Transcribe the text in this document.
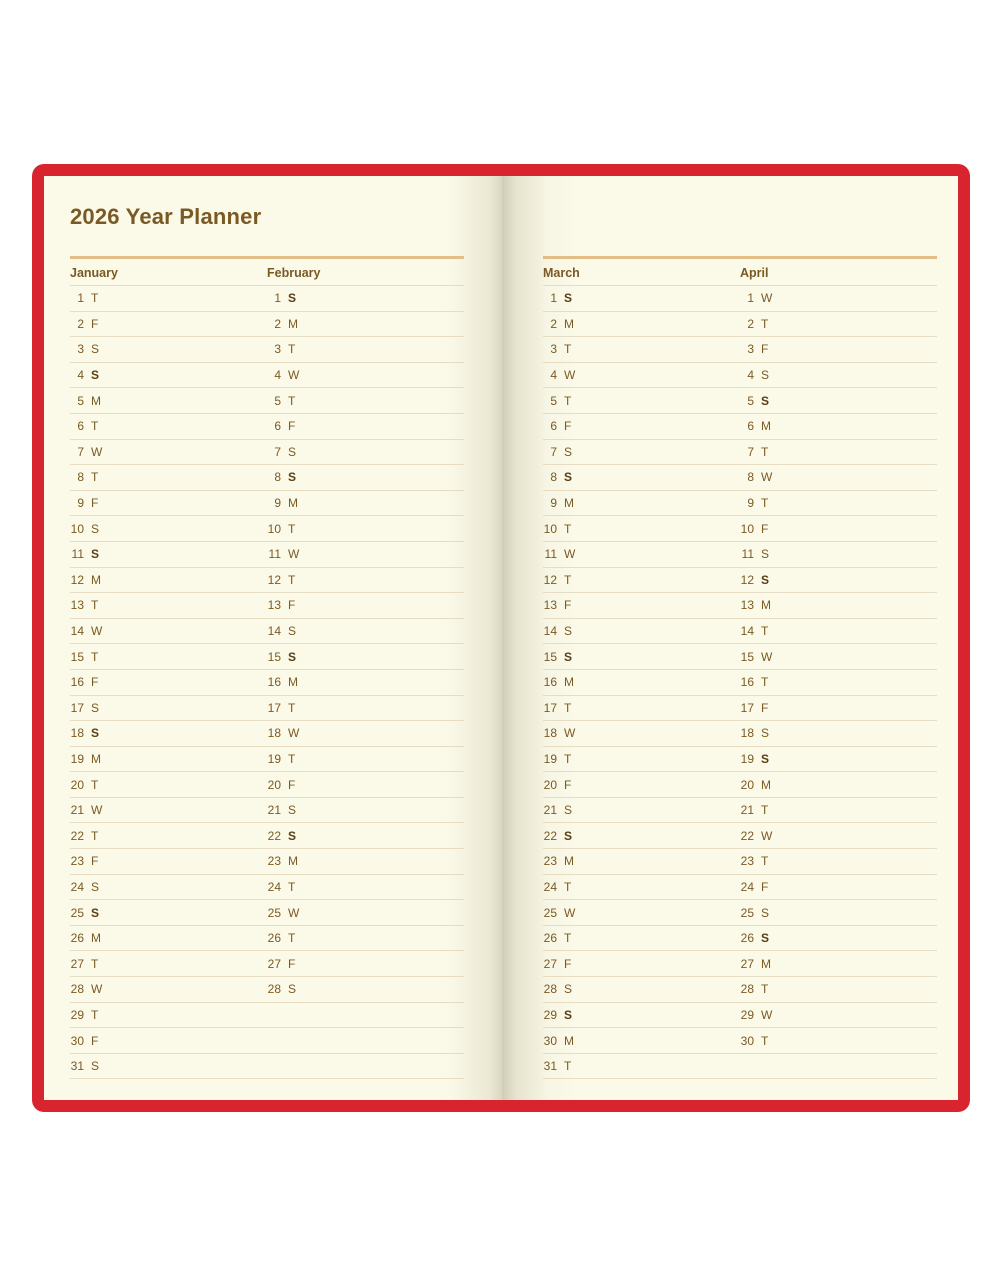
2026 Year Planner
January
1 T
2 F
3 S
4 S
5 M
6 T
7 W
8 T
9 F
10 S
11 S
12 M
13 T
14 W
15 T
16 F
17 S
18 S
19 M
20 T
21 W
22 T
23 F
24 S
25 S
26 M
27 T
28 W
29 T
30 F
31 S
February
1 S
2 M
3 T
4 W
5 T
6 F
7 S
8 S
9 M
10 T
11 W
12 T
13 F
14 S
15 S
16 M
17 T
18 W
19 T
20 F
21 S
22 S
23 M
24 T
25 W
26 T
27 F
28 S
March
1 S
2 M
3 T
4 W
5 T
6 F
7 S
8 S
9 M
10 T
11 W
12 T
13 F
14 S
15 S
16 M
17 T
18 W
19 T
20 F
21 S
22 S
23 M
24 T
25 W
26 T
27 F
28 S
29 S
30 M
31 T
April
1 W
2 T
3 F
4 S
5 S
6 M
7 T
8 W
9 T
10 F
11 S
12 S
13 M
14 T
15 W
16 T
17 F
18 S
19 S
20 M
21 T
22 W
23 T
24 F
25 S
26 S
27 M
28 T
29 W
30 T
